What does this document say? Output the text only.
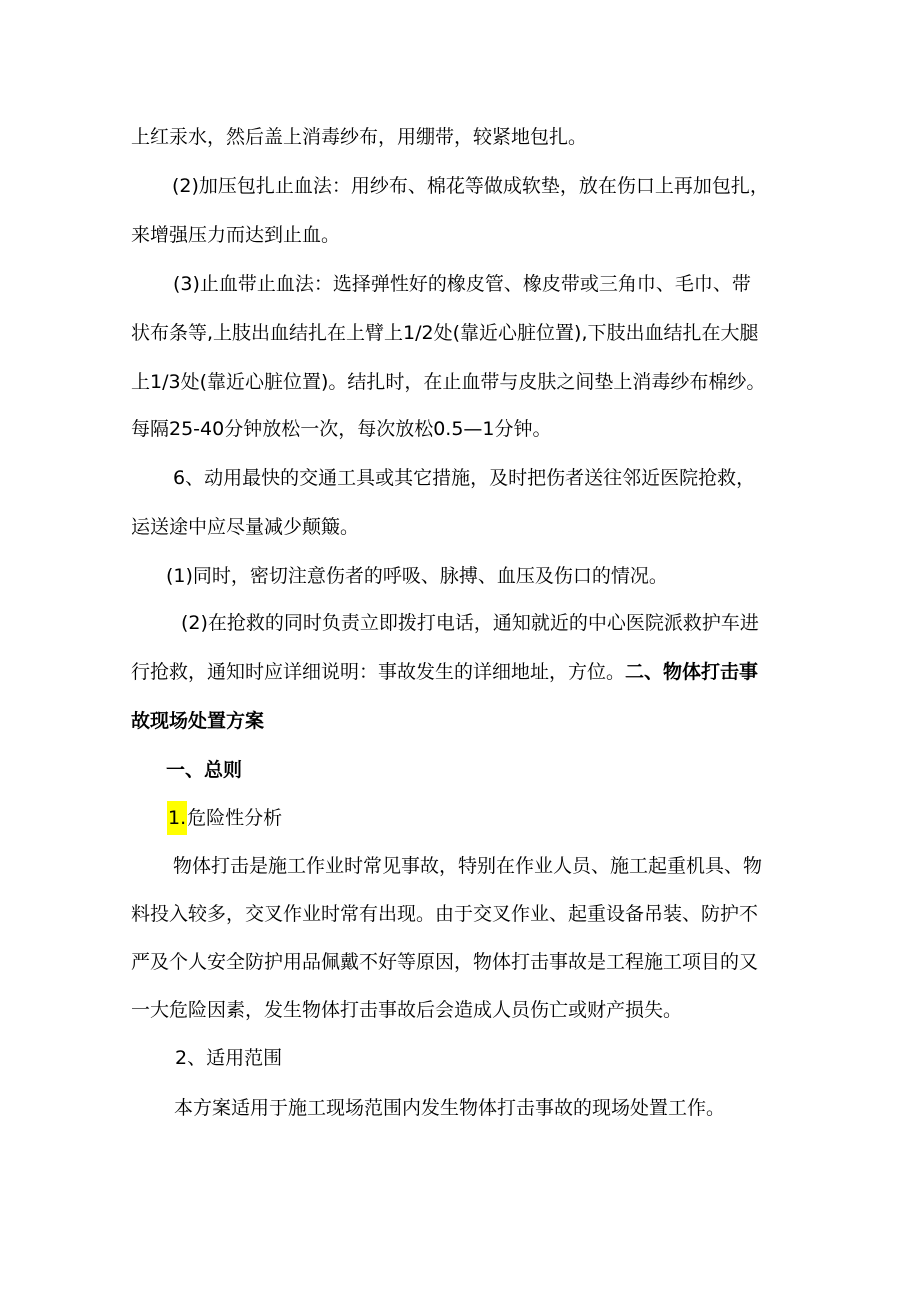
上红汞水，然后盖上消毒纱布，用绷带，较紧地包扎。
(2)加压包扎止血法：用纱布、棉花等做成软垫，放在伤口上再加包扎，
来增强压力而达到止血。
(3)止血带止血法：选择弹性好的橡皮管、橡皮带或三角巾、毛巾、带
状布条等,上肢出血结扎在上臂上1/2处(靠近心脏位置),下肢出血结扎在大腿
上1/3处(靠近心脏位置)。结扎时，在止血带与皮肤之间垫上消毒纱布棉纱。
每隔25-40分钟放松一次，每次放松0.5—1分钟。
6、动用最快的交通工具或其它措施，及时把伤者送往邻近医院抢救，
运送途中应尽量减少颠簸。
(1)同时，密切注意伤者的呼吸、脉搏、血压及伤口的情况。
(2)在抢救的同时负责立即拨打电话，通知就近的中心医院派救护车进
行抢救，通知时应详细说明：事故发生的详细地址，方位。二、物体打击事
故现场处置方案
一、总则
1.危险性分析
物体打击是施工作业时常见事故，特别在作业人员、施工起重机具、物
料投入较多，交叉作业时常有出现。由于交叉作业、起重设备吊装、防护不
严及个人安全防护用品佩戴不好等原因，物体打击事故是工程施工项目的又
一大危险因素，发生物体打击事故后会造成人员伤亡或财产损失。
2、适用范围
本方案适用于施工现场范围内发生物体打击事故的现场处置工作。
